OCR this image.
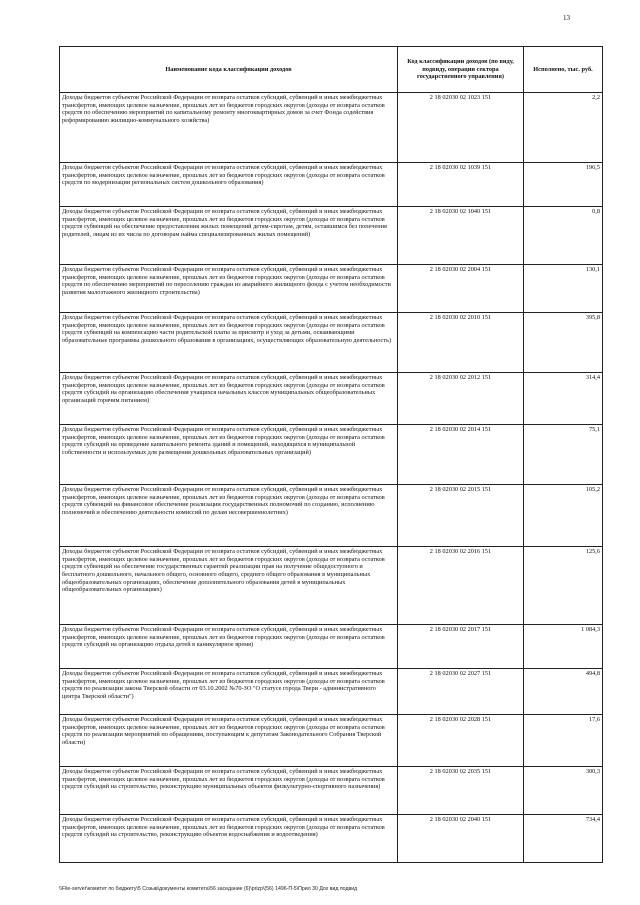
13
Наименование кода классификации доходов	Код классификации доходов (по виду, подвиду, операции сектора государственного управления)	Исполнено, тыс. руб.
Доходы бюджетов субъектов Российской Федерации от возврата остатков субсидий, субвенций и иных межбюджетных трансфертов, имеющих целевое назначение, прошлых лет из бюджетов городских округов (доходы от возврата остатков средств по обеспечению мероприятий по капитальному ремонту многоквартирных домов за счет Фонда содействия реформированию жилищно-коммунального хозяйства)	2 18 02030 02 1023 151	2,2
Доходы бюджетов субъектов Российской Федерации от возврата остатков субсидий, субвенций и иных межбюджетных трансфертов, имеющих целевое назначение, прошлых лет из бюджетов городских округов (доходы от возврата остатков средств по модернизации региональных систем дошкольного образования)	2 18 02030 02 1039 151	196,5
Доходы бюджетов субъектов Российской Федерации от возврата остатков субсидий, субвенций и иных межбюджетных трансфертов, имеющих целевое назначение, прошлых лет из бюджетов городских округов (доходы от возврата остатков средств субвенций на обеспечение предоставления жилых помещений детям-сиротам, детям, оставшимся без попечения родителей, лицам из их числа по договорам найма специализированных жилых помещений)	2 18 02030 02 1040 151	0,8
Доходы бюджетов субъектов Российской Федерации от возврата остатков субсидий, субвенций и иных межбюджетных трансфертов, имеющих целевое назначение, прошлых лет из бюджетов городских округов (доходы от возврата остатков средств по обеспечению мероприятий по переселению граждан из аварийного жилищного фонда с учетом необходимости развития малоэтажного жилищного строительства)	2 18 02030 02 2004 151	130,1
Доходы бюджетов субъектов Российской Федерации от возврата остатков субсидий, субвенций и иных межбюджетных трансфертов, имеющих целевое назначение, прошлых лет из бюджетов городских округов (доходы от возврата остатков средств субвенций на компенсацию части родительской платы за присмотр и уход за детьми, осваивающими образовательные программы дошкольного образования в организациях, осуществляющих образовательную деятельность)	2 18 02030 02 2010 151	395,8
Доходы бюджетов субъектов Российской Федерации от возврата остатков субсидий, субвенций и иных межбюджетных трансфертов, имеющих целевое назначение, прошлых лет из бюджетов городских округов (доходы от возврата остатков средств субсидий на организацию обеспечения учащихся начальных классов муниципальных общеобразовательных организаций горячим питанием)	2 18 02030 02 2012 151	314,4
Доходы бюджетов субъектов Российской Федерации от возврата остатков субсидий, субвенций и иных межбюджетных трансфертов, имеющих целевое назначение, прошлых лет из бюджетов городских округов (доходы от возврата остатков средств субсидий на проведение капитального ремонта зданий и помещений, находящихся в муниципальной собственности и используемых для размещения дошкольных образовательных организаций)	2 18 02030 02 2014 151	75,1
Доходы бюджетов субъектов Российской Федерации от возврата остатков субсидий, субвенций и иных межбюджетных трансфертов, имеющих целевое назначение, прошлых лет из бюджетов городских округов (доходы от возврата остатков средств субвенций на финансовое обеспечение реализации государственных полномочий по созданию, исполнению полномочий и обеспечению деятельности комиссий по делам несовершеннолетних)	2 18 02030 02 2015 151	105,2
Доходы бюджетов субъектов Российской Федерации от возврата остатков субсидий, субвенций и иных межбюджетных трансфертов, имеющих целевое назначение, прошлых лет из бюджетов городских округов (доходы от возврата остатков средств субвенций на обеспечение государственных гарантий реализации прав на получение общедоступного и бесплатного дошкольного, начального общего, основного общего, среднего общего образования в муниципальных общеобразовательных организациях, обеспечение дополнительного образования детей в муниципальных общеобразовательных организациях)	2 18 02030 02 2016 151	125,6
Доходы бюджетов субъектов Российской Федерации от возврата остатков субсидий, субвенций и иных межбюджетных трансфертов, имеющих целевое назначение, прошлых лет из бюджетов городских округов (доходы от возврата остатков средств субсидий на организацию отдыха детей в каникулярное время)	2 18 02030 02 2017 151	1 084,3
Доходы бюджетов субъектов Российской Федерации от возврата остатков субсидий, субвенций и иных межбюджетных трансфертов, имеющих целевое назначение, прошлых лет из бюджетов городских округов (доходы от возврата остатков средств по реализации закона Тверской области от 03.10.2002 №70-ЗО "О статусе города Твери - административного центра Тверской области")	2 18 02030 02 2027 151	494,8
Доходы бюджетов субъектов Российской Федерации от возврата остатков субсидий, субвенций и иных межбюджетных трансфертов, имеющих целевое назначение, прошлых лет из бюджетов городских округов (доходы от возврата остатков средств по реализации мероприятий по обращениям, поступающим к депутатам Законодательного Собрания Тверской области)	2 18 02030 02 2028 151	17,6
Доходы бюджетов субъектов Российской Федерации от возврата остатков субсидий, субвенций и иных межбюджетных трансфертов, имеющих целевое назначение, прошлых лет из бюджетов городских округов (доходы от возврата остатков средств субсидий на строительство, реконструкцию муниципальных объектов физкультурно-спортивного назначения)	2 18 02030 02 2035 151	300,3
Доходы бюджетов субъектов Российской Федерации от возврата остатков субсидий, субвенций и иных межбюджетных трансфертов, имеющих целевое назначение, прошлых лет из бюджетов городских округов (доходы от возврата остатков средств субсидий на строительство, реконструкцию объектов водоснабжения и водоотведения)	2 18 02030 02 2040 151	734,4
\\File-server\комитет по бюджету\5 Созыв\документы комитета\56 заседание (6)\prizp\(56) 1496-П-5\Прил 30 Дох вид подвид
